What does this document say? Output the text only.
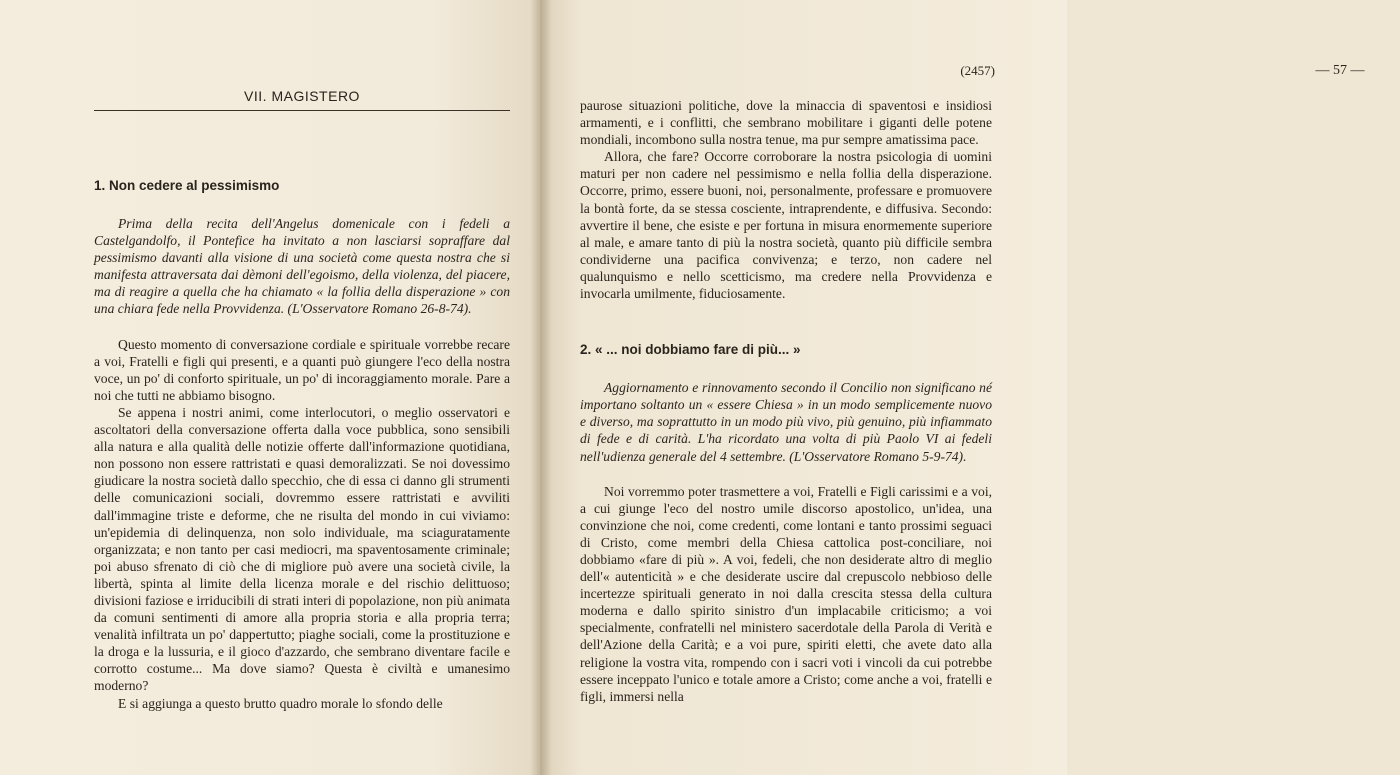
VII. MAGISTERO
1. Non cedere al pessimismo

Prima della recita dell'Angelus domenicale con i fedeli a Castelgandolfo, il Pontefice ha invitato a non lasciarsi sopraffare dal pessimismo davanti alla visione di una società come questa nostra che si manifesta attraversata dai dèmoni dell'egoismo, della violenza, del piacere, ma di reagire a quella che ha chiamato « la follia della disperazione » con una chiara fede nella Provvidenza. (L'Osservatore Romano 26-8-74).

Questo momento di conversazione cordiale e spirituale vorrebbe recare a voi, Fratelli e figli qui presenti, e a quanti può giungere l'eco della nostra voce, un po' di conforto spirituale, un po' di incoraggiamento morale. Pare a noi che tutti ne abbiamo bisogno.

Se appena i nostri animi, come interlocutori, o meglio osservatori e ascoltatori della conversazione offerta dalla voce pubblica, sono sensibili alla natura e alla qualità delle notizie offerte dall'informazione quotidiana, non possono non essere rattristati e quasi demoralizzati. Se noi dovessimo giudicare la nostra società dallo specchio, che di essa ci danno gli strumenti delle comunicazioni sociali, dovremmo essere rattristati e avviliti dall'immagine triste e deforme, che ne risulta del mondo in cui viviamo: un'epidemia di delinquenza, non solo individuale, ma sciaguratamente organizzata; e non tanto per casi mediocri, ma spaventosamente criminale; poi abuso sfrenato di ciò che di migliore può avere una società civile, la libertà, spinta al limite della licenza morale e del rischio delittuoso; divisioni faziose e irriducibili di strati interi di popolazione, non più animata da comuni sentimenti di amore alla propria storia e alla propria terra; venalità infiltrata un po' dappertutto; piaghe sociali, come la prostituzione e la droga e la lussuria, e il gioco d'azzardo, che sembrano diventare facile e corrotto costume... Ma dove siamo? Questa è civiltà e umanesimo moderno?

E si aggiunga a questo brutto quadro morale lo sfondo delle

— 57 —
(2457)

paurose situazioni politiche, dove la minaccia di spaventosi e insidiosi armamenti, e i conflitti, che sembrano mobilitare i giganti delle potene mondiali, incombono sulla nostra tenue, ma pur sempre amatissima pace.

Allora, che fare? Occorre corroborare la nostra psicologia di uomini maturi per non cadere nel pessimismo e nella follia della disperazione. Occorre, primo, essere buoni, noi, personalmente, professare e promuovere la bontà forte, da se stessa cosciente, intraprendente, e diffusiva. Secondo: avvertire il bene, che esiste e per fortuna in misura enormemente superiore al male, e amare tanto di più la nostra società, quanto più difficile sembra condividerne una pacifica convivenza; e terzo, non cadere nel qualunquismo e nello scetticismo, ma credere nella Provvidenza e invocarla umilmente, fiduciosamente.

2. « ... noi dobbiamo fare di più... »

Aggiornamento e rinnovamento secondo il Concilio non significano né importano soltanto un « essere Chiesa » in un modo semplicemente nuovo e diverso, ma soprattutto in un modo più vivo, più genuino, più infiammato di fede e di carità. L'ha ricordato una volta di più Paolo VI ai fedeli nell'udienza generale del 4 settembre. (L'Osservatore Romano 5-9-74).

Noi vorremmo poter trasmettere a voi, Fratelli e Figli carissimi e a voi, a cui giunge l'eco del nostro umile discorso apostolico, un'idea, una convinzione che noi, come credenti, come lontani e tanto prossimi seguaci di Cristo, come membri della Chiesa cattolica post-conciliare, noi dobbiamo «fare di più ». A voi, fedeli, che non desiderate altro di meglio dell'« autenticità » e che desiderate uscire dal crepuscolo nebbioso delle incertezze spirituali generato in noi dalla crescita stessa della cultura moderna e dallo spirito sinistro d'un implacabile criticismo; a voi specialmente, confratelli nel ministero sacerdotale della Parola di Verità e dell'Azione della Carità; e a voi pure, spiriti eletti, che avete dato alla religione la vostra vita, rompendo con i sacri voti i vincoli da cui potrebbe essere inceppato l'unico e totale amore a Cristo; come anche a voi, fratelli e figli, immersi nella
